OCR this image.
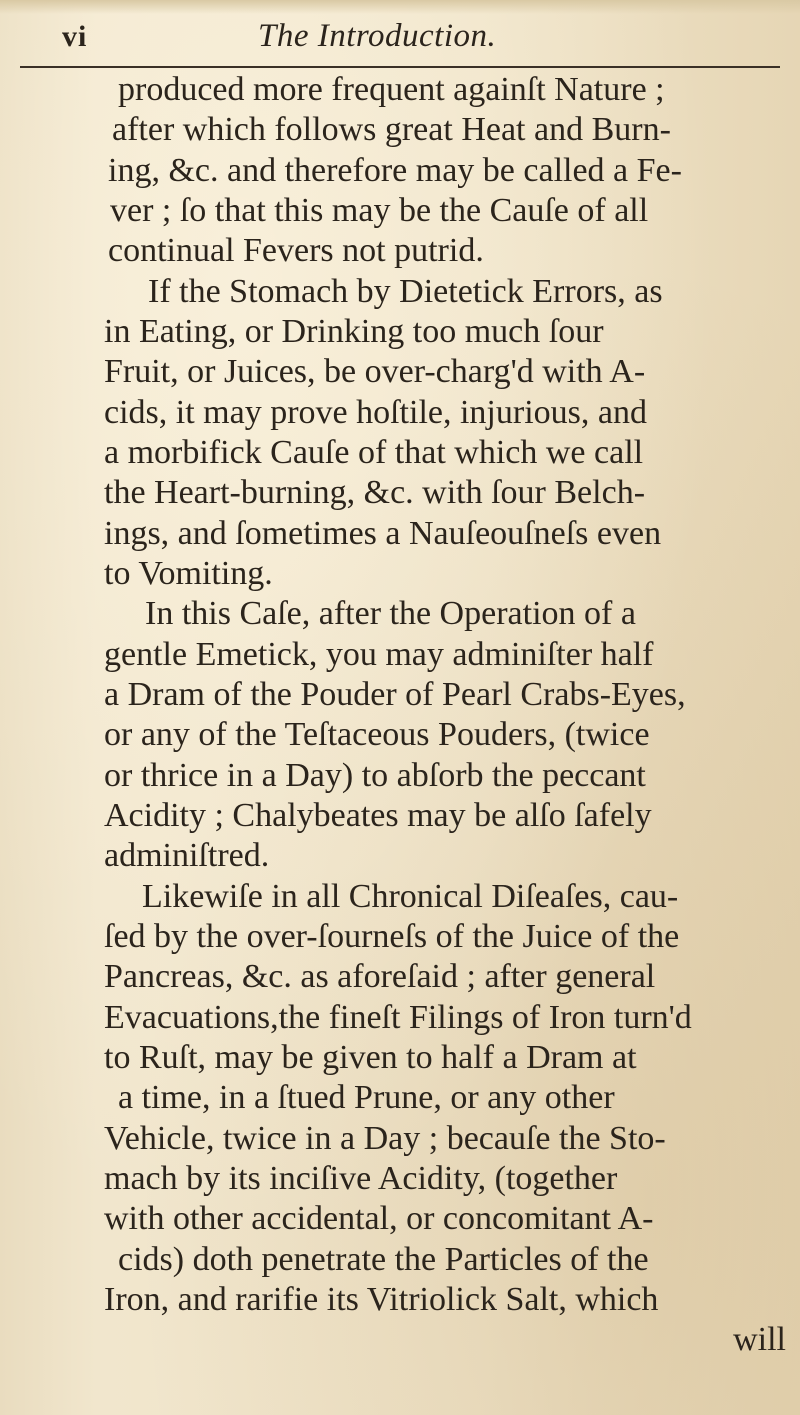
vi	The Introduction.
produced more frequent againſt Nature ;
after which follows great Heat and Burn-
ing, &c. and therefore may be called a Fe-
ver ; ſo that this may be the Cauſe of all
continual Fevers not putrid.
If the Stomach by Dietetick Errors, as
in Eating, or Drinking too much ſour
Fruit, or Juices, be over-charg'd with A-
cids, it may prove hoſtile, injurious, and
a morbifick Cauſe of that which we call
the Heart-burning, &c. with ſour Belch-
ings, and ſometimes a Nauſeouſneſs even
to Vomiting.
In this Caſe, after the Operation of a
gentle Emetick, you may adminiſter half
a Dram of the Pouder of Pearl Crabs-Eyes,
or any of the Teſtaceous Pouders, (twice
or thrice in a Day) to abſorb the peccant
Acidity ; Chalybeates may be alſo ſafely
adminiſtred.
Likewiſe in all Chronical Diſeaſes, cau-
ſed by the over-ſourneſs of the Juice of the
Pancreas, &c. as aforeſaid ; after general
Evacuations,the fineſt Filings of Iron turn'd
to Ruſt, may be given to half a Dram at
a time, in a ſtued Prune, or any other
Vehicle, twice in a Day ; becauſe the Sto-
mach by its inciſive Acidity, (together
with other accidental, or concomitant A-
cids) doth penetrate the Particles of the
Iron, and rarifie its Vitriolick Salt, which
will
